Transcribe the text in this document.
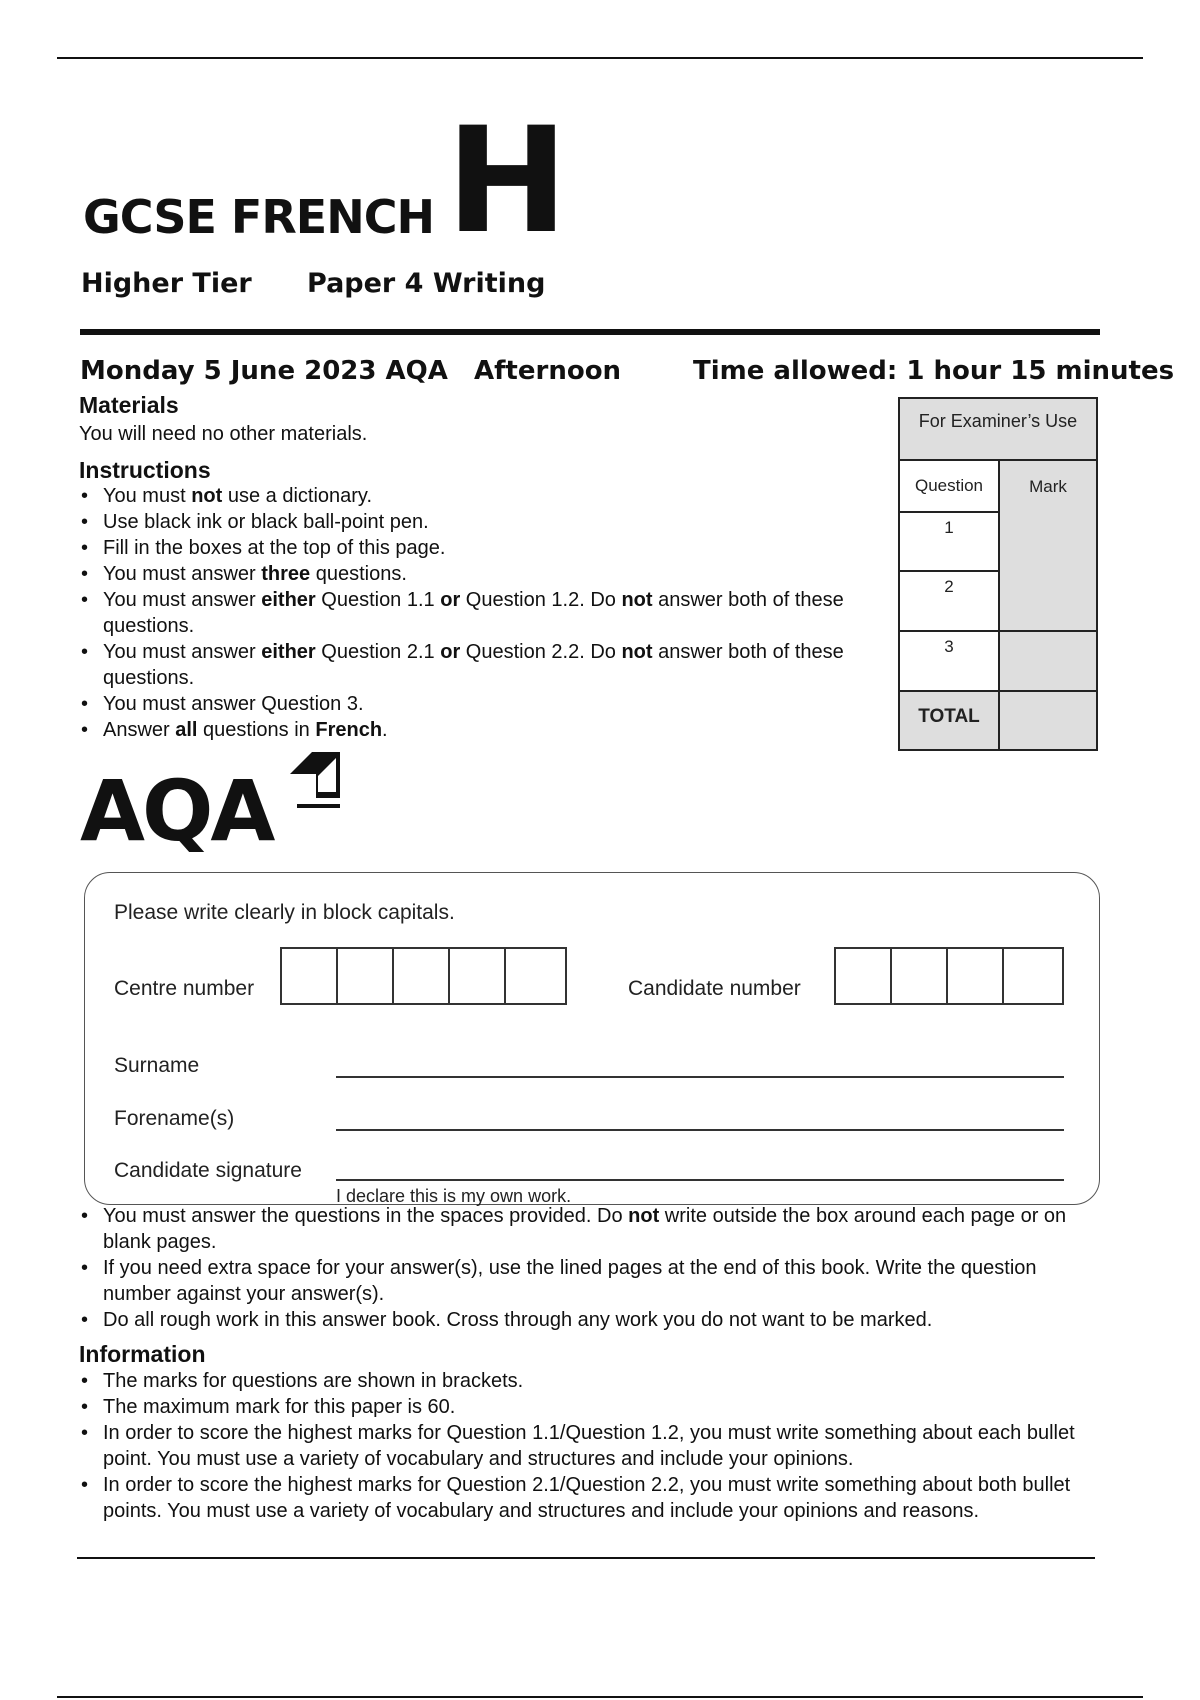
GCSE FRENCH H
Higher Tier Paper 4 Writing
Monday 5 June 2023 AQA Afternoon	Time allowed: 1 hour 15 minutes
Materials
You will need no other materials.
Instructions
• You must not use a dictionary.
• Use black ink or black ball-point pen.
• Fill in the boxes at the top of this page.
• You must answer three questions.
• You must answer either Question 1.1 or Question 1.2. Do not answer both of these questions.
• You must answer either Question 2.1 or Question 2.2. Do not answer both of these questions.
• You must answer Question 3.
• Answer all questions in French.
For Examiner’s Use
Question	Mark
1
2
3
TOTAL
AQA
Please write clearly in block capitals.
Centre number	Candidate number
Surname
Forename(s)
Candidate signature
I declare this is my own work.
• You must answer the questions in the spaces provided. Do not write outside the box around each page or on blank pages.
• If you need extra space for your answer(s), use the lined pages at the end of this book. Write the question number against your answer(s).
• Do all rough work in this answer book. Cross through any work you do not want to be marked.
Information
• The marks for questions are shown in brackets.
• The maximum mark for this paper is 60.
• In order to score the highest marks for Question 1.1/Question 1.2, you must write something about each bullet point. You must use a variety of vocabulary and structures and include your opinions.
• In order to score the highest marks for Question 2.1/Question 2.2, you must write something about both bullet points. You must use a variety of vocabulary and structures and include your opinions and reasons.
